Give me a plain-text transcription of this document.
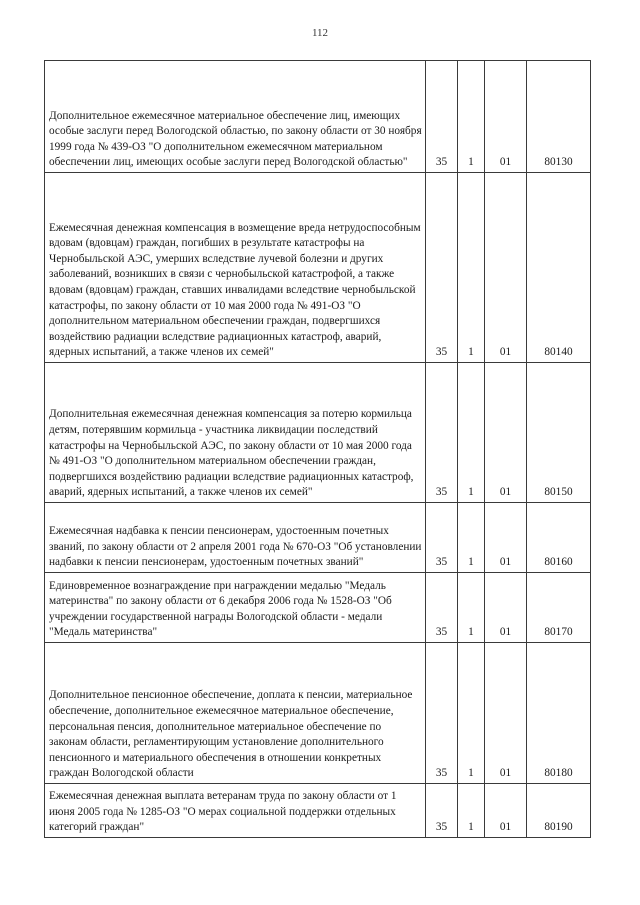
112
Дополнительное ежемесячное материальное обеспечение лиц, имеющих особые заслуги перед Вологодской областью, по закону области от 30 ноября 1999 года № 439-ОЗ "О дополнительном ежемесячном материальном обеспечении лиц, имеющих особые заслуги перед Вологодской областью"	35	1	01	80130
Ежемесячная денежная компенсация в возмещение вреда нетрудоспособным вдовам (вдовцам) граждан, погибших в результате катастрофы на Чернобыльской АЭС, умерших вследствие лучевой болезни и других заболеваний, возникших в связи с чернобыльской катастрофой, а также вдовам (вдовцам) граждан, ставших инвалидами вследствие чернобыльской катастрофы, по закону области от 10 мая 2000 года № 491-ОЗ "О дополнительном материальном обеспечении граждан, подвергшихся воздействию радиации вследствие радиационных катастроф, аварий, ядерных испытаний, а также членов их семей"	35	1	01	80140
Дополнительная ежемесячная денежная компенсация за потерю кормильца детям, потерявшим кормильца - участника ликвидации последствий катастрофы на Чернобыльской АЭС, по закону области от 10 мая 2000 года № 491-ОЗ "О дополнительном материальном обеспечении граждан, подвергшихся воздействию радиации вследствие радиационных катастроф, аварий, ядерных испытаний, а также членов их семей"	35	1	01	80150
Ежемесячная надбавка к пенсии пенсионерам, удостоенным почетных званий, по закону области от 2 апреля 2001 года № 670-ОЗ "Об установлении надбавки к пенсии пенсионерам, удостоенным почетных званий"	35	1	01	80160
Единовременное вознаграждение при награждении медалью "Медаль материнства" по закону области от 6 декабря 2006 года № 1528-ОЗ "Об учреждении государственной награды Вологодской области - медали "Медаль материнства"	35	1	01	80170
Дополнительное пенсионное обеспечение, доплата к пенсии, материальное обеспечение, дополнительное ежемесячное материальное обеспечение, персональная пенсия, дополнительное материальное обеспечение по законам области, регламентирующим установление дополнительного пенсионного и материального обеспечения в отношении конкретных граждан Вологодской области	35	1	01	80180
Ежемесячная денежная выплата ветеранам труда по закону области от 1 июня 2005 года № 1285-ОЗ "О мерах социальной поддержки отдельных категорий граждан"	35	1	01	80190
